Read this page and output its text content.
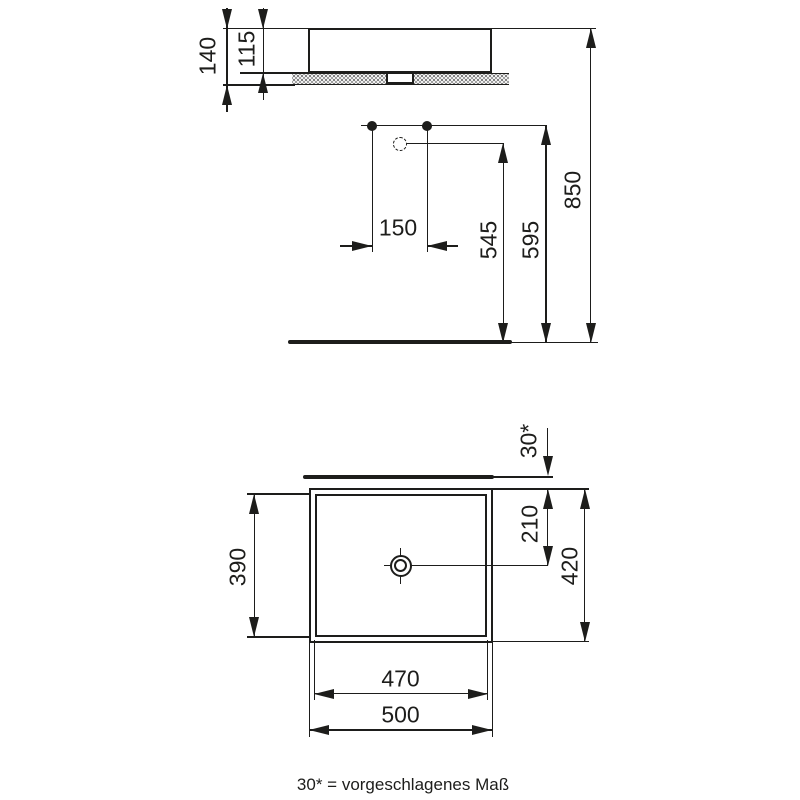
140 115
150	545 595
850
30*
210
420
390
470
500
30* = vorgeschlagenes Maß
